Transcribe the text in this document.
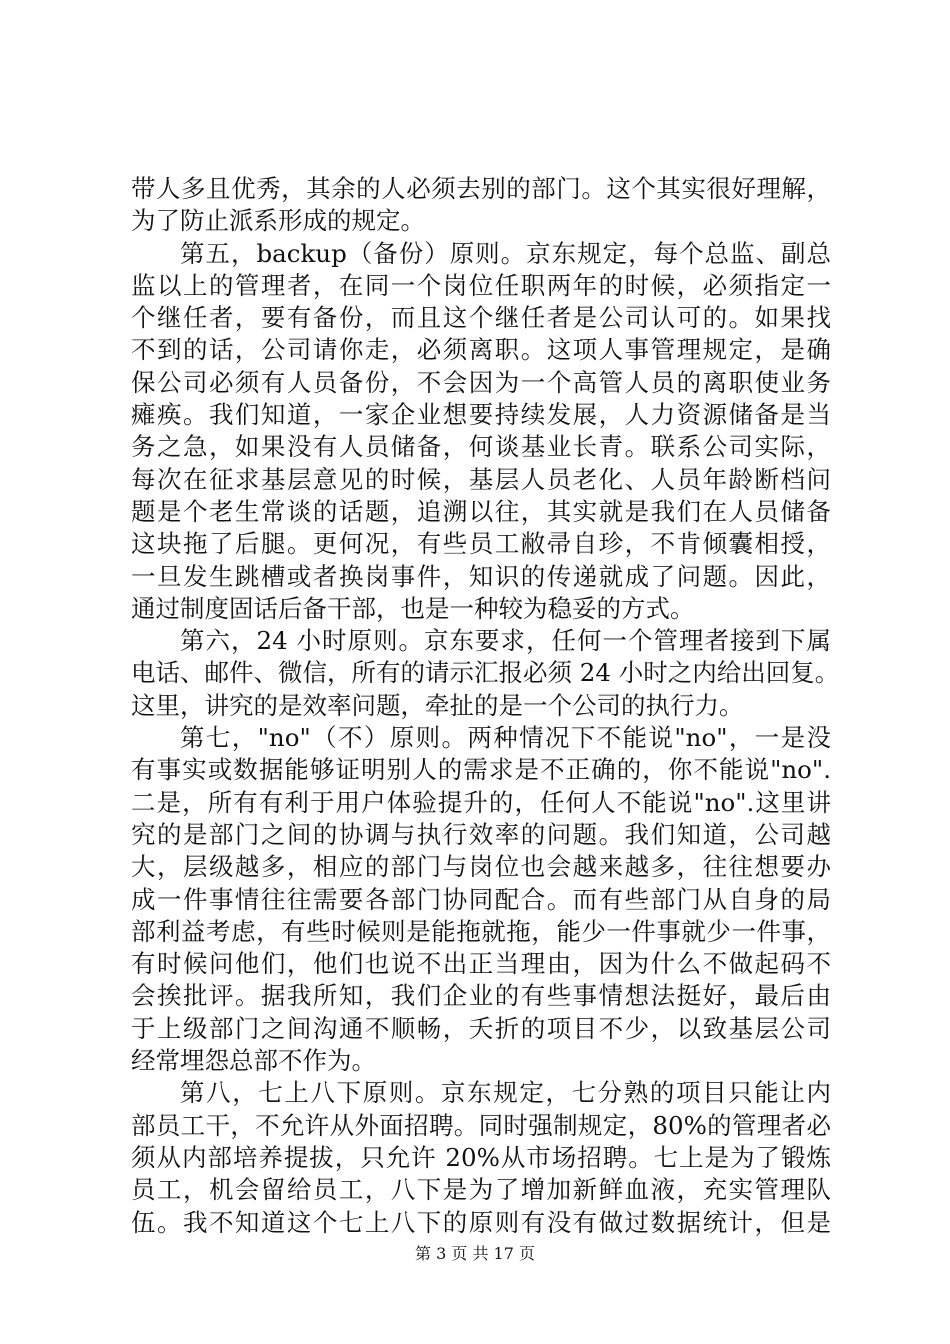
带人多且优秀，其余的人必须去别的部门。这个其实很好理解，
为了防止派系形成的规定。
第五，backup（备份）原则。京东规定，每个总监、副总
监以上的管理者，在同一个岗位任职两年的时候，必须指定一
个继任者，要有备份，而且这个继任者是公司认可的。如果找
不到的话，公司请你走，必须离职。这项人事管理规定，是确
保公司必须有人员备份，不会因为一个高管人员的离职使业务
瘫痪。我们知道，一家企业想要持续发展，人力资源储备是当
务之急，如果没有人员储备，何谈基业长青。联系公司实际，
每次在征求基层意见的时候，基层人员老化、人员年龄断档问
题是个老生常谈的话题，追溯以往，其实就是我们在人员储备
这块拖了后腿。更何况，有些员工敝帚自珍，不肯倾囊相授，
一旦发生跳槽或者换岗事件，知识的传递就成了问题。因此，
通过制度固话后备干部，也是一种较为稳妥的方式。
第六，24 小时原则。京东要求，任何一个管理者接到下属
电话、邮件、微信，所有的请示汇报必须 24 小时之内给出回复。
这里，讲究的是效率问题，牵扯的是一个公司的执行力。
第七，"no"（不）原则。两种情况下不能说"no"，一是没
有事实或数据能够证明别人的需求是不正确的，你不能说"no".
二是，所有有利于用户体验提升的，任何人不能说"no".这里讲
究的是部门之间的协调与执行效率的问题。我们知道，公司越
大，层级越多，相应的部门与岗位也会越来越多，往往想要办
成一件事情往往需要各部门协同配合。而有些部门从自身的局
部利益考虑，有些时候则是能拖就拖，能少一件事就少一件事，
有时候问他们，他们也说不出正当理由，因为什么不做起码不
会挨批评。据我所知，我们企业的有些事情想法挺好，最后由
于上级部门之间沟通不顺畅，夭折的项目不少，以致基层公司
经常埋怨总部不作为。
第八，七上八下原则。京东规定，七分熟的项目只能让内
部员工干，不允许从外面招聘。同时强制规定，80%的管理者必
须从内部培养提拔，只允许 20%从市场招聘。七上是为了锻炼
员工，机会留给员工，八下是为了增加新鲜血液，充实管理队
伍。我不知道这个七上八下的原则有没有做过数据统计，但是
第 3 页 共 17 页
